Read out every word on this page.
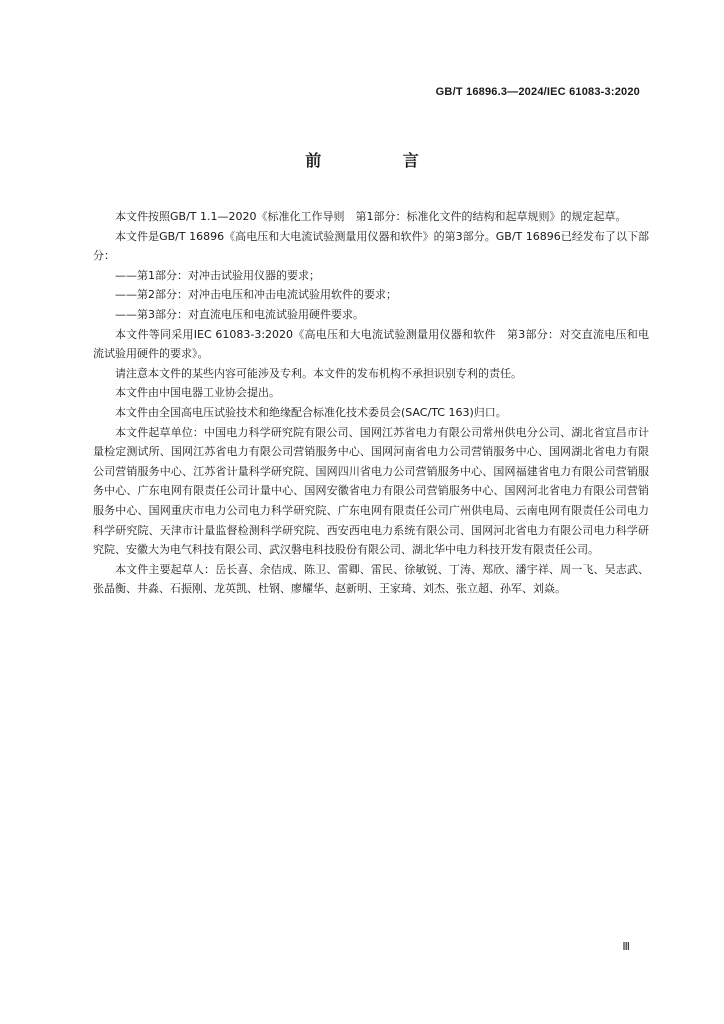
GB/T 16896.3—2024/IEC 61083-3:2020
前 言

本文件按照GB/T 1.1—2020《标准化工作导则　第1部分：标准化文件的结构和起草规则》的规定起草。

本文件是GB/T 16896《高电压和大电流试验测量用仪器和软件》的第3部分。GB/T 16896已经发布了以下部分：

——第1部分：对冲击试验用仪器的要求；

——第2部分：对冲击电压和冲击电流试验用软件的要求；

——第3部分：对直流电压和电流试验用硬件要求。

本文件等同采用IEC 61083-3:2020《高电压和大电流试验测量用仪器和软件　第3部分：对交直流电压和电流试验用硬件的要求》。

请注意本文件的某些内容可能涉及专利。本文件的发布机构不承担识别专利的责任。

本文件由中国电器工业协会提出。

本文件由全国高电压试验技术和绝缘配合标准化技术委员会(SAC/TC 163)归口。

本文件起草单位：中国电力科学研究院有限公司、国网江苏省电力有限公司常州供电分公司、湖北省宜昌市计量检定测试所、国网江苏省电力有限公司营销服务中心、国网河南省电力公司营销服务中心、国网湖北省电力有限公司营销服务中心、江苏省计量科学研究院、国网四川省电力公司营销服务中心、国网福建省电力有限公司营销服务中心、广东电网有限责任公司计量中心、国网安徽省电力有限公司营销服务中心、国网河北省电力有限公司营销服务中心、国网重庆市电力公司电力科学研究院、广东电网有限责任公司广州供电局、云南电网有限责任公司电力科学研究院、天津市计量监督检测科学研究院、西安西电电力系统有限公司、国网河北省电力有限公司电力科学研究院、安徽大为电气科技有限公司、武汉磐电科技股份有限公司、湖北华中电力科技开发有限责任公司。

本文件主要起草人：岳长喜、余佶成、陈卫、雷卿、雷民、徐敏锐、丁涛、郑欣、潘宇祥、周一飞、吴志武、张晶衡、井淼、石振刚、龙英凯、杜钢、廖耀华、赵新明、王家琦、刘杰、张立超、孙军、刘焱。

Ⅲ
